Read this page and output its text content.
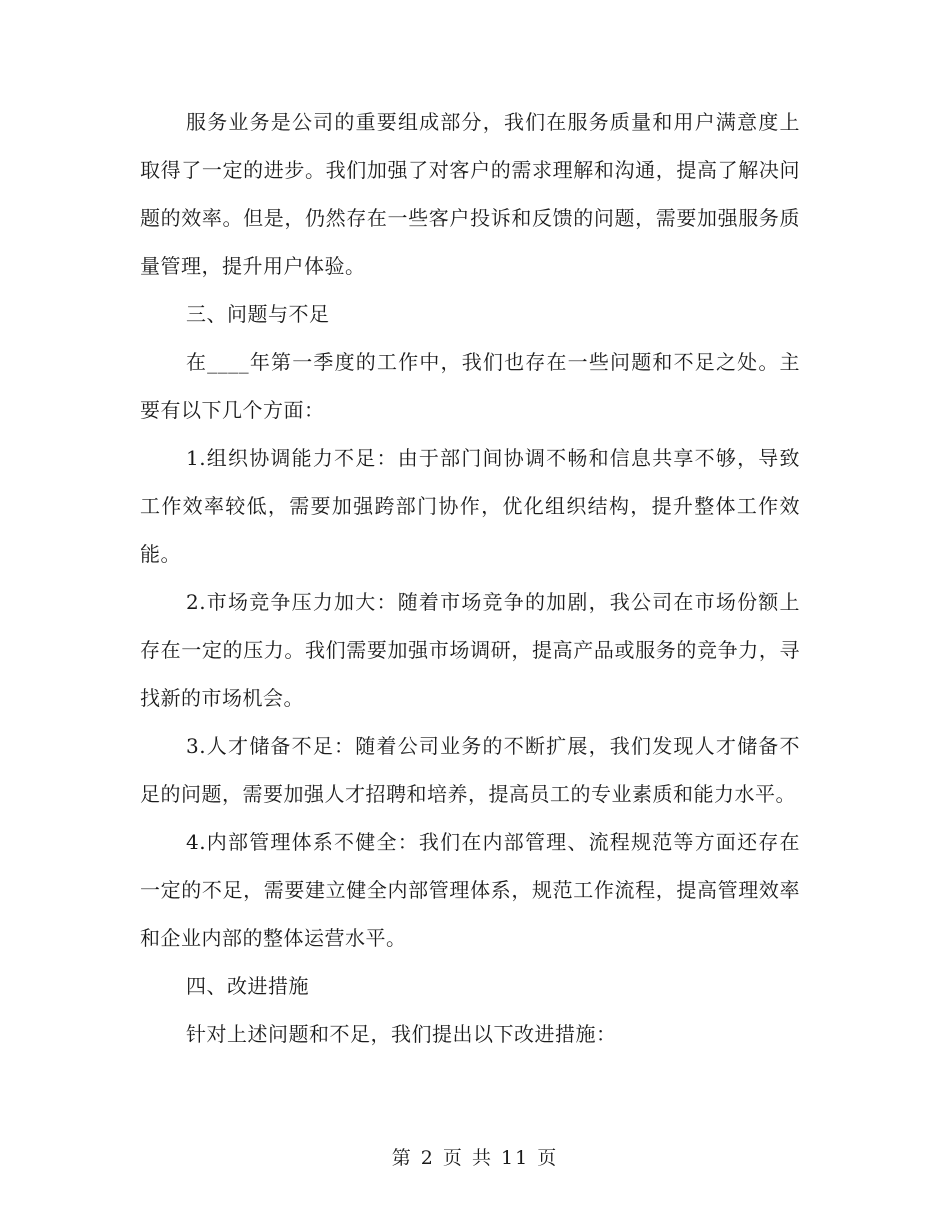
服务业务是公司的重要组成部分，我们在服务质量和用户满意度上取得了一定的进步。我们加强了对客户的需求理解和沟通，提高了解决问题的效率。但是，仍然存在一些客户投诉和反馈的问题，需要加强服务质量管理，提升用户体验。

三、问题与不足

在____年第一季度的工作中，我们也存在一些问题和不足之处。主要有以下几个方面：

1.组织协调能力不足：由于部门间协调不畅和信息共享不够，导致工作效率较低，需要加强跨部门协作，优化组织结构，提升整体工作效能。

2.市场竞争压力加大：随着市场竞争的加剧，我公司在市场份额上存在一定的压力。我们需要加强市场调研，提高产品或服务的竞争力，寻找新的市场机会。

3.人才储备不足：随着公司业务的不断扩展，我们发现人才储备不足的问题，需要加强人才招聘和培养，提高员工的专业素质和能力水平。

4.内部管理体系不健全：我们在内部管理、流程规范等方面还存在一定的不足，需要建立健全内部管理体系，规范工作流程，提高管理效率和企业内部的整体运营水平。

四、改进措施

针对上述问题和不足，我们提出以下改进措施：

第 2 页 共 11 页
